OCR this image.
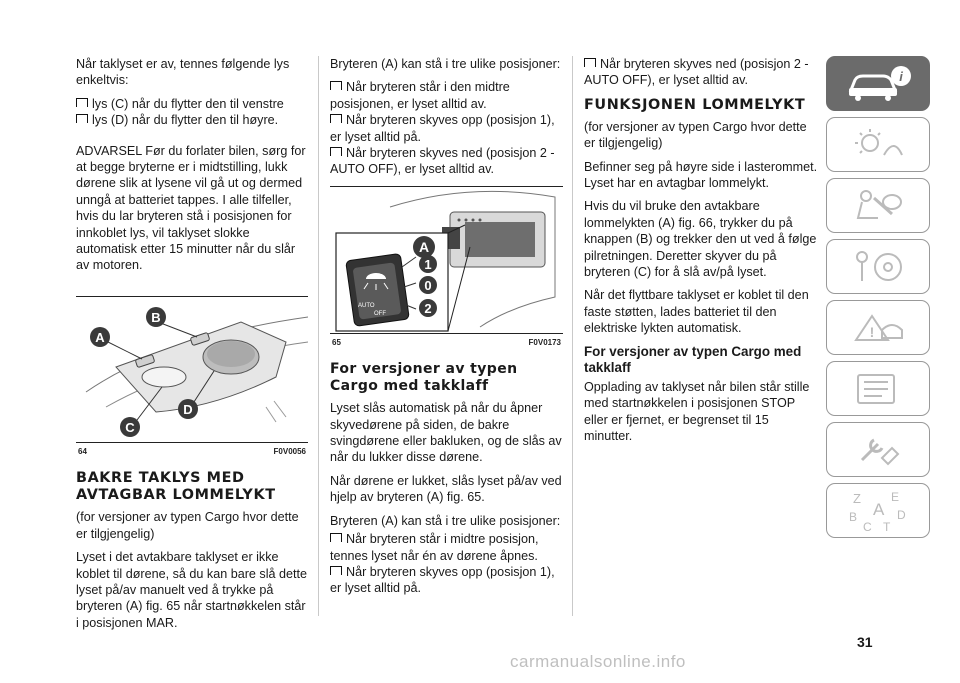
Når taklyset er av, tennes følgende lys enkeltvis:

lys (C) når du flytter den til venstre

lys (D) når du flytter den til høyre.

ADVARSEL Før du forlater bilen, sørg for at begge bryterne er i midtstilling, lukk dørene slik at lysene vil gå ut og dermed unngå at batteriet tappes. I alle tilfeller, hvis du lar bryteren stå i posisjonen for innkoblet lys, vil taklyset slokke automatisk etter 15 minutter når du slår av motoren.

A
B
C
D
64	F0V0056
BAKRE TAKLYS MED AVTAGBAR LOMMELYKT

(for versjoner av typen Cargo hvor dette er tilgjengelig)

Lyset i det avtakbare taklyset er ikke koblet til dørene, så du kan bare slå dette lyset på/av manuelt ved å trykke på bryteren (A) fig. 65 når startnøkkelen står i posisjonen MAR.

Bryteren (A) kan stå i tre ulike posisjoner:

Når bryteren står i den midtre posisjonen, er lyset alltid av.

Når bryteren skyves opp (posisjon 1), er lyset alltid på.

Når bryteren skyves ned (posisjon 2 - AUTO OFF), er lyset alltid av.

AUTO
OFF
A
1
0
2
65	F0V0173
For versjoner av typen Cargo med takklaff

Lyset slås automatisk på når du åpner skyvedørene på siden, de bakre svingdørene eller bakluken, og de slås av når du lukker disse dørene.

Når dørene er lukket, slås lyset på/av ved hjelp av bryteren (A) fig. 65.

Bryteren (A) kan stå i tre ulike posisjoner:

Når bryteren står i midtre posisjon, tennes lyset når én av dørene åpnes.

Når bryteren skyves opp (posisjon 1), er lyset alltid på.

Når bryteren skyves ned (posisjon 2 - AUTO OFF), er lyset alltid av.

FUNKSJONEN LOMMELYKT

(for versjoner av typen Cargo hvor dette er tilgjengelig)

Befinner seg på høyre side i lasterommet. Lyset har en avtagbar lommelykt.

Hvis du vil bruke den avtakbare lommelykten (A) fig. 66, trykker du på knappen (B) og trekker den ut ved å følge pilretningen. Deretter skyver du på bryteren (C) for å slå av/på lyset.

Når det flyttbare taklyset er koblet til den faste støtten, lades batteriet til den elektriske lykten automatisk.

For versjoner av typen Cargo med takklaff

Opplading av taklyset når bilen står stille med startnøkkelen i posisjonen STOP eller er fjernet, er begrenset til 15 minutter.

i
!
Z	E
A
B	D
C T
31
carmanualsonline.info
